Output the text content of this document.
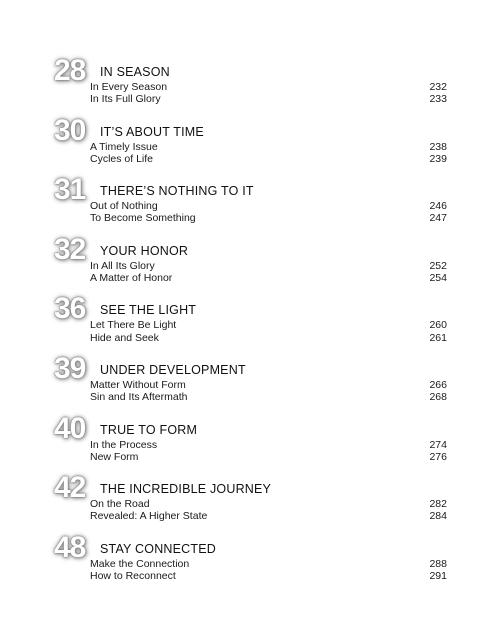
28	IN SEASON
In Every Season	232
In Its Full Glory	233
30	IT’S ABOUT TIME
A Timely Issue	238
Cycles of Life	239
31	THERE’S NOTHING TO IT
Out of Nothing	246
To Become Something	247
32	YOUR HONOR
In All Its Glory	252
A Matter of Honor	254
36	SEE THE LIGHT
Let There Be Light	260
Hide and Seek	261
39	UNDER DEVELOPMENT
Matter Without Form	266
Sin and Its Aftermath	268
40	TRUE TO FORM
In the Process	274
New Form	276
42	THE INCREDIBLE JOURNEY
On the Road	282
Revealed: A Higher State	284
48	STAY CONNECTED
Make the Connection	288
How to Reconnect	291
